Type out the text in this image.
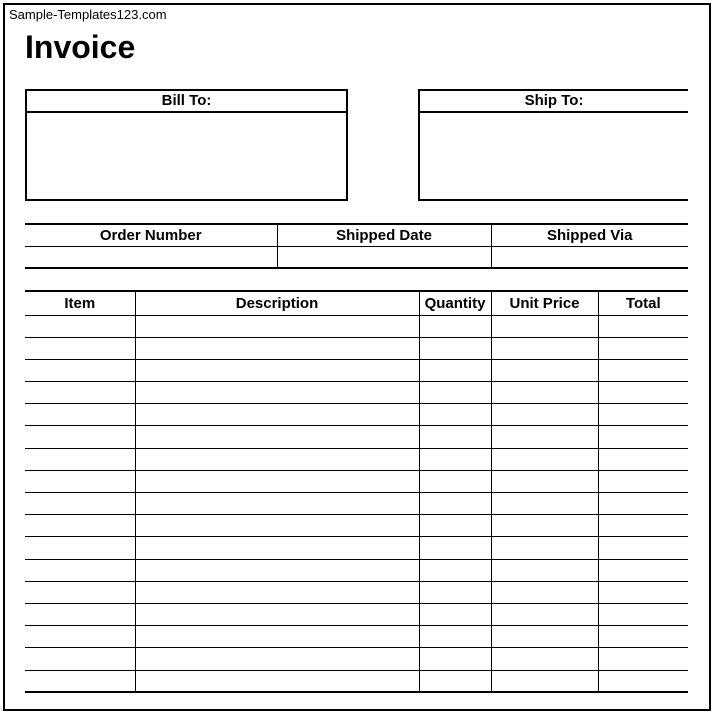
Sample-Templates123.com
Invoice
Bill To:	Ship To:
Order Number	Shipped Date	Shipped Via

Item	Description	Quantity	Unit Price	Total
